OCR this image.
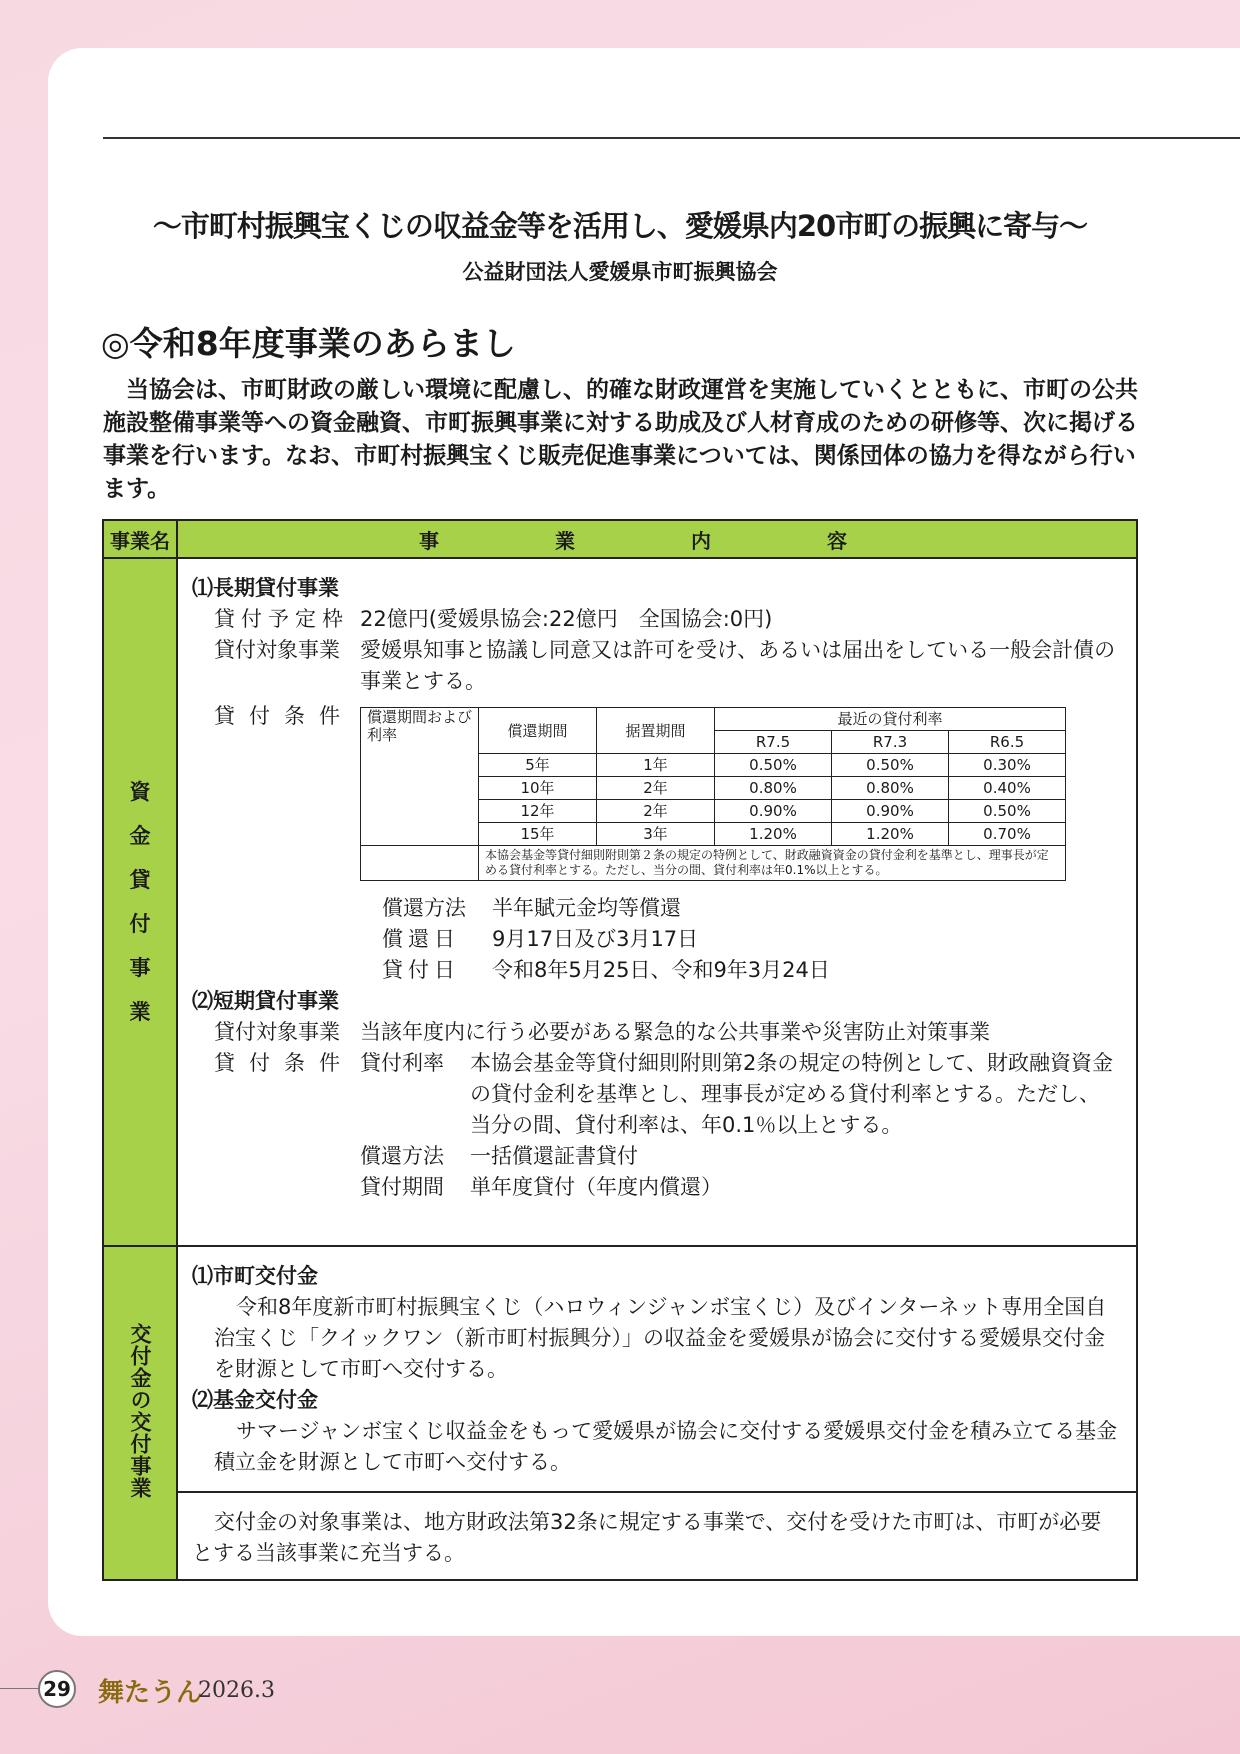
～市町村振興宝くじの収益金等を活用し、愛媛県内20市町の振興に寄与～
公益財団法人愛媛県市町振興協会
◎令和8年度事業のあらまし
当協会は、市町財政の厳しい環境に配慮し、的確な財政運営を実施していくとともに、市町の公共施設整備事業等への資金融資、市町振興事業に対する助成及び人材育成のための研修等、次に掲げる事業を行います。なお、市町村振興宝くじ販売促進事業については、関係団体の協力を得ながら行います。
事業名	事　業　内　容

資
金
貸
付
事
業

⑴長期貸付事業
貸付予定枠 22億円(愛媛県協会:22億円　全国協会:0円)
貸付対象事業 愛媛県知事と協議し同意又は許可を受け、あるいは届出をしている一般会計債の事業とする。
貸付条件 償還期間および利率	償還期間	据置期間	最近の貸付利率
R7.5	R7.3	R6.5
5年	1年	0.50%	0.50%	0.30%
10年	2年	0.80%	0.80%	0.40%
12年	2年	0.90%	0.90%	0.50%
15年	3年	1.20%	1.20%	0.70%
	本協会基金等貸付細則附則第２条の規定の特例として、財政融資資金の貸付金利を基準とし、理事長が定める貸付利率とする。ただし、当分の間、貸付利率は年0.1%以上とする。
償還方法	半年賦元金均等償還
償還日	9月17日及び3月17日
貸付日	令和8年5月25日、令和9年3月24日
⑵短期貸付事業
貸付対象事業 当該年度内に行う必要がある緊急的な公共事業や災害防止対策事業
貸付条件 貸付利率	本協会基金等貸付細則附則第2条の規定の特例として、財政融資資金の貸付金利を基準とし、理事長が定める貸付利率とする。ただし、当分の間、貸付利率は、年0.1％以上とする。
償還方法	一括償還証書貸付
貸付期間	単年度貸付（年度内償還）

交付金の交付事業	
⑴市町交付金
令和8年度新市町村振興宝くじ（ハロウィンジャンボ宝くじ）及びインターネット専用全国自治宝くじ「クイックワン（新市町村振興分）」の収益金を愛媛県が協会に交付する愛媛県交付金を財源として市町へ交付する。
⑵基金交付金
サマージャンボ宝くじ収益金をもって愛媛県が協会に交付する愛媛県交付金を積み立てる基金積立金を財源として市町へ交付する。

交付金の対象事業は、地方財政法第32条に規定する事業で、交付を受けた市町は、市町が必要とする当該事業に充当する。
29 舞たうん
2026.3
